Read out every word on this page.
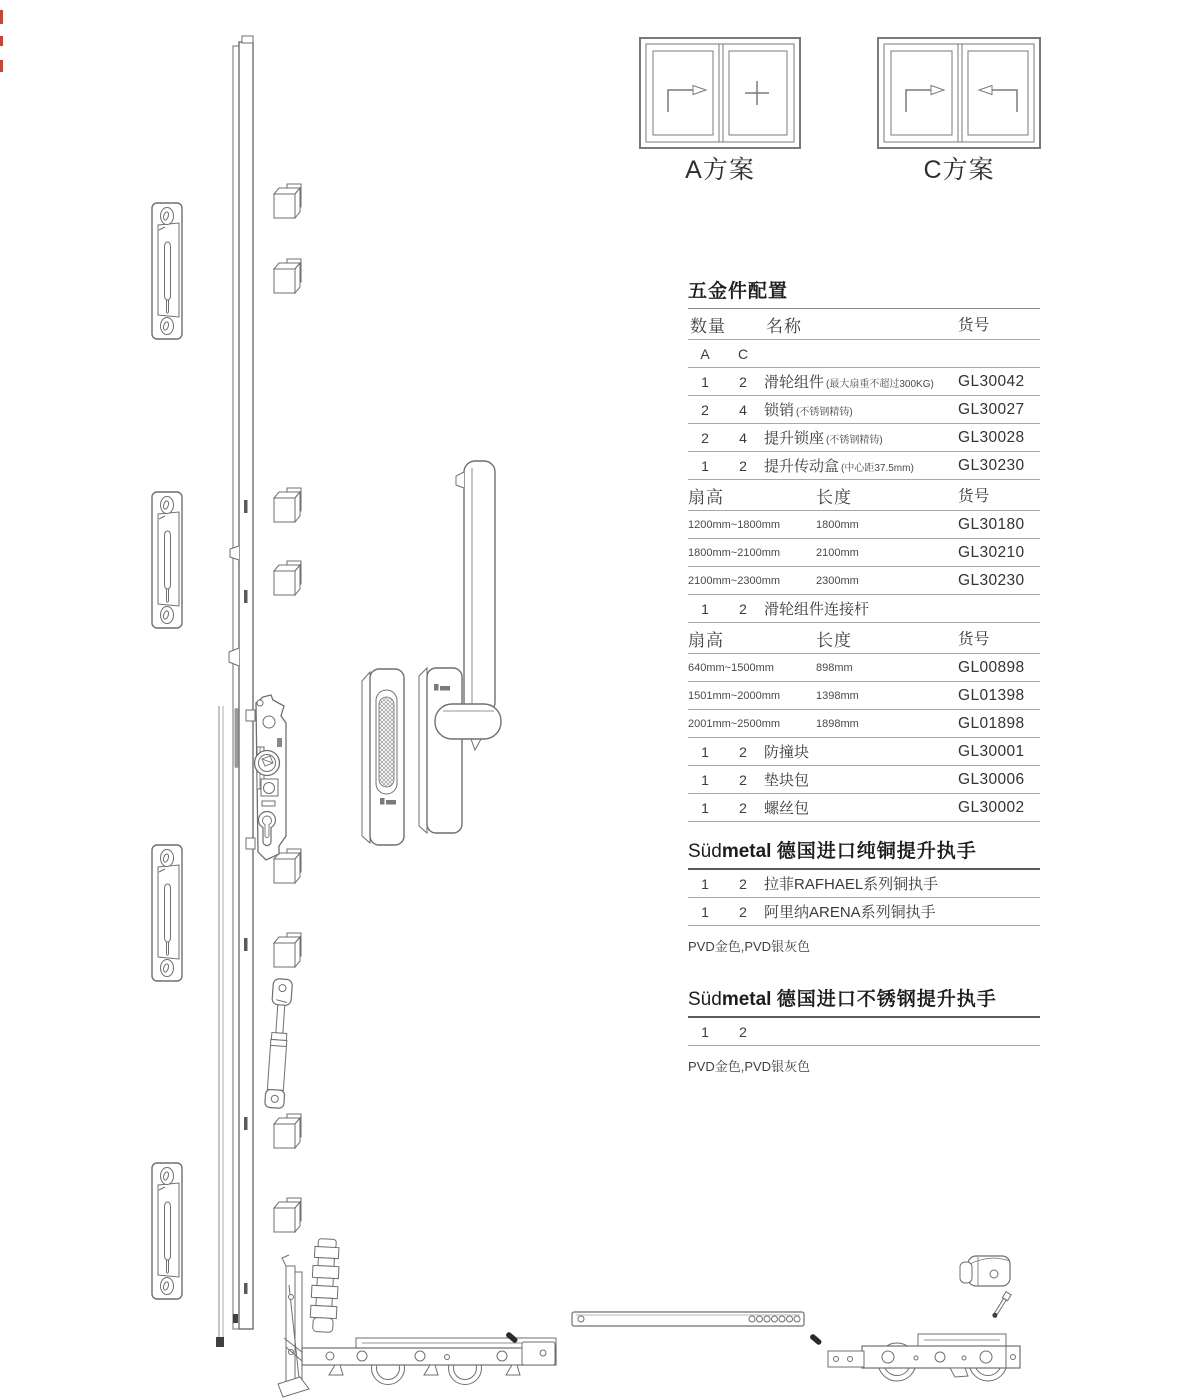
A方案	C方案
五金件配置
数量	名称	货号
A	C
1	2	滑轮组件 (最大扇重不超过300KG)	GL30042
2	4	锁销 (不锈钢精铸)	GL30027
2	4	提升锁座 (不锈钢精铸)	GL30028
1	2	提升传动盒 (中心距37.5mm)	GL30230
扇高	长度	货号
1200mm~1800mm	1800mm	GL30180
1800mm~2100mm	2100mm	GL30210
2100mm~2300mm	2300mm	GL30230
1	2	滑轮组件连接杆
扇高	长度	货号
640mm~1500mm	898mm	GL00898
1501mm~2000mm	1398mm	GL01398
2001mm~2500mm	1898mm	GL01898
1	2	防撞块	GL30001
1	2	垫块包	GL30006
1	2	螺丝包	GL30002
Südmetal 德国进口纯铜提升执手
1	2	拉菲RAFHAEL系列铜执手
1	2	阿里纳ARENA系列铜执手
PVD金色,PVD银灰色
Südmetal 德国进口不锈钢提升执手
1	2
PVD金色,PVD银灰色
